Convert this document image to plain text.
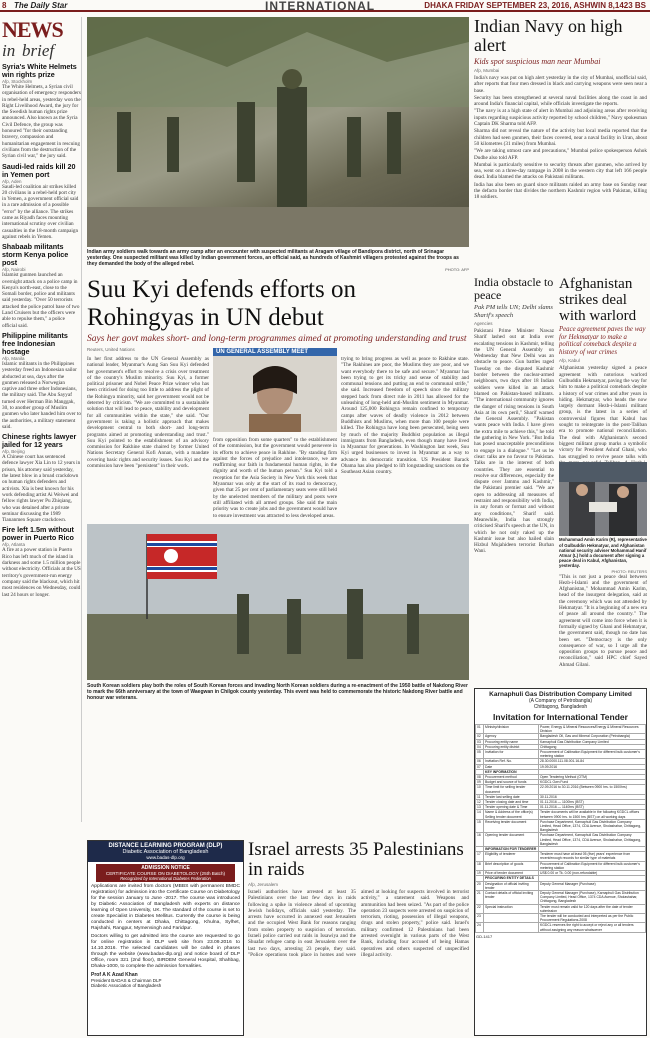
8 The Daily Star	INTERNATIONAL	DHAKA FRIDAY SEPTEMBER 23, 2016, ASHWIN 8,1423 BS
NEWS
in brief
Syria's White Helmets win rights prize
Afp, Stockholm
The White Helmets, a Syrian civil organisation of emergency responders in rebel-held areas, yesterday won the Right Livelihood Award, the jury for the Swedish human rights prize announced. Also known as the Syria Civil Defence, the group was honoured "for their outstanding bravery, compassion and humanitarian engagement in rescuing civilians from the destruction of the Syrian civil war," the jury said.
Saudi-led raids kill 20 in Yemen port
Afp, Aden
Saudi-led coalition air strikes killed 20 civilians in a rebel-held port city in Yemen, a government official said in a rare admission of a possible "error" by the alliance. The strikes came as Riyadh faces mounting international scrutiny over civilian casualties in the 18-month campaign against rebels in Yemen.
Shabaab militants storm Kenya police post
Afp, Nairobi
Islamist gunmen launched an overnight attack on a police camp in Kenya's north-east, close to the Somali border, police and militants said yesterday. "Over 50 terrorists attacked the police patrol base of two Land Cruisers but the officers were able to repulse them," a police official said.
Philippine militants free Indonesian hostage
Afp, Manila
Islamic militants in the Philippines yesterday freed an Indonesian sailor abducted at sea, days after the gunmen released a Norwegian captive and three other Indonesians, the military said. The Abu Sayyaf turned over Herman Bin Manggak, 30, to another group of Muslim gunmen who later handed him over to the authorities, a military statement said.
Chinese rights lawyer jailed for 12 years
Afp, Beijing
A Chinese court has sentenced defence lawyer Xia Lin to 12 years in prison, his attorney said yesterday, the latest blow in a broad crackdown on human rights defenders and activists. Xia is best known for his work defending artist Ai Weiwei and fellow rights lawyer Pu Zhiqiang, who was detained after a private seminar discussing the 1989 Tiananmen Square crackdown.
Fire left 1.5m without power in Puerto Rico
Afp, Atlanta
A fire at a power station in Puerto Rico has left much of the island in darkness and some 1.5 million people without electricity. Officials at the US territory's government-run energy company said the blackout, which hit most residences on Wednesday, could last 24 hours or longer.
Indian army soldiers walk towards an army camp after an encounter with suspected militants at Aragam village of Bandipora district, north of Srinagar yesterday. One suspected militant was killed by Indian government forces, an official said, as hundreds of Kashmiri villagers protested against the troops as they demanded the body of the alleged rebel.
PHOTO: AFP
Indian Navy on high alert
Kids spot suspicious man near Mumbai
Afp, Mumbai

India's navy was put on high alert yesterday in the city of Mumbai, unofficial said, after reports that four men dressed in black and carrying weapons were seen near a base.

Security has been strengthened at several naval facilities along the coast in and around India's financial capital, while officials investigate the reports.

"The navy is at a high state of alert in Mumbai and adjoining areas after receiving inputs regarding suspicious activity reported by school children," Navy spokesman Captain DK Sharma told AFP.

Sharma did not reveal the nature of the activity but local media reported that the children had seen gunmen, their faces covered, near a naval facility in Uran, about 50 kilometres (31 miles) from Mumbai.

"We are taking utmost care and precautions," Mumbai police spokesperson Ashok Dudhe also told AFP.

Mumbai is particularly sensitive to security threats after gunmen, who arrived by sea, went on a three-day rampage in 2008 in the western city that left 166 people dead. India blamed the attacks on Pakistani militants.

India has also been on guard since militants raided an army base on Sunday near the defacto border that divides the northern Kashmir region with Pakistan, killing 18 soldiers.

Suu Kyi defends efforts on Rohingyas in UN debut
Says her govt makes short- and long-term programmes aimed at promoting understanding and trust
Reuters, United Nations
In her first address to the UN General Assembly as national leader, Myanmar's Aung San Suu Kyi defended her government's effort to resolve a crisis over treatment of the country's Muslim minority. Suu Kyi, a former political prisoner and Nobel Peace Prize winner who has been criticised for doing too little to address the plight of the Rohingya minority, said her government would not be deterred by criticism. "We are committed to a sustainable solution that will lead to peace, stability and development for all communities within the state," she said. "Our government is taking a holistic approach that makes development central to both short- and long-term programs aimed at promoting understanding and trust." Suu Kyi pointed to the establishment of an advisory commission for Rakhine state chaired by former United Nations Secretary General Kofi Annan, with a mandate covering basic rights and security issues. Suu Kyi and the commission have been "persistent" in their work.
UN GENERAL ASSEMBLY MEET
from opposition from some quarters" to the establishment of the commission, but the government would persevere in its efforts to achieve peace in Rakhine. "By standing firm against the forces of prejudice and intolerance, we are reaffirming our faith in fundamental human rights, in the dignity and worth of the human person." Suu Kyi told a reception for the Asia Society in New York this week that Myanmar was only at the start of its road to democracy, given that 25 per cent of parliamentary seats were still held by the unelected members of the military and posts were still affiliated with all armed groups. She said the main priority was to create jobs and the government would have to ensure investment was attracted to less developed areas.
trying to bring progress as well as peace to Rakhine state. "The Rakhines are poor, the Muslims they are poor, and we want everybody there to be safe and secure." Myanmar has been trying to get its tricky and sense of stability and communal tensions and putting an end to communal strife," she said. Increased freedom of speech since the military stepped back from direct rule in 2011 has allowed for the unleashing of long-held anti-Muslim sentiment in Myanmar. Around 125,000 Rohingya remain confined to temporary camps after waves of deadly violence in 2012 between Buddhists and Muslims, when more than 100 people were killed. The Rohingya have long been persecuted, being seen by much of the majority Buddhist population as illegal immigrants from Bangladesh, even though many have lived in Myanmar for generations. In Washington last week, Suu Kyi urged businesses to invest in Myanmar as a way to advance its democratic transition. US President Barack Obama has also pledged to lift longstanding sanctions on the Southeast Asian country.
South Korean soldiers play both the roles of South Korean forces and invading North Korean soldiers during a re-enactment of the 1950 battle of Nakdong River to mark the 66th anniversary at the town of Waegwan in Chilgok county yesterday. This event was held to commemorate the historic Nakdong River battle and honour war veterans.
India obstacle to peace
Pak PM tells UN; Delhi slams Sharif's speech
Agencies
Pakistani Prime Minister Nawaz Sharif lashed out at India over escalating tensions in Kashmir, telling the UN General Assembly on Wednesday that New Delhi was an obstacle to peace. Gun battles raged Tuesday on the disputed Kashmir border between the nuclear-armed neighbours, two days after 18 Indian soldiers were killed in an attack blamed on Pakistan-based militants. "The international community ignores the danger of rising tensions in South Asia at its own peril," Sharif warned the General Assembly. "Pakistan wants peace with India. I have given the extra mile to achieve this," he told the gathering in New York. "But India has posed unacceptable preconditions to engage in a dialogue." "Let us be clear: talks are no favour to Pakistan. Talks are in the interest of both countries. They are essential to resolve our differences, especially the dispute over Jammu and Kashmir," the Pakistani premier said. "We are open to addressing all measures of restraint and responsibility with India, in any forum or format and without any conditions," Sharif said. Meanwhile, India has strongly criticised Sharif's speech at the UN, in which he not only raked up the Kashmir issue but also hailed slain Hizbul Mujahideen terrorist Burhan Wani.
Afghanistan strikes deal with warlord
Peace agreement paves the way for Hekmatyar to make a political comeback despite a history of war crimes
Afp, Kabul
Afghanistan yesterday signed a peace agreement with notorious warlord Gulbuddin Hekmatyar, paving the way for him to make a political comeback despite a history of war crimes and after years in hiding. Hekmatyar, who heads the now largely dormant Hezb-i-Islami militant group, is the latest in a series of controversial figures that Kabul has sought to reintegrate in the post-Taliban era to promote national reconciliation. The deal with Afghanistan's second biggest militant group marks a symbolic victory for President Ashraf Ghani, who has struggled to revive peace talks with
Mohammad Amin Karim (R), representative of Gulbuddin Hekmatyar, and Afghanistan national security adviser Mohammad Hanif Atmar (L) hold a document after signing a peace deal in Kabul, Afghanistan, yesterday.
PHOTO: REUTERS
"This is not just a peace deal between Hezb-i-Islami and the government of Afghanistan," Mohammad Amin Karim, head of the insurgent delegation, said at the ceremony which was not attended by Hekmatyar. "It is a beginning of a new era of peace all around the country." The agreement will come into force when it is formally signed by Ghani and Hekmatyar, the government said, though no date has been set. "Democracy is the only consequence of war, so I urge all the opposition groups to pursue peace and reconciliation," said HPC chief Sayed Ahmad Gilani.
Israel arrests 35 Palestinians in raids
Afp, Jerusalem
Israeli authorities have arrested at least 35 Palestinians over the last few days in raids following a spike in violence ahead of upcoming Jewish holidays, officials said yesterday. The arrests have occurred in annexed east Jerusalem and the occupied West Bank for reasons ranging from stolen property to suspicion of terrorism. Israeli police carried out raids in Issawiya and the Shuafat refugee camp in east Jerusalem over the last two days, arresting 23 people, they said. "Police operations took place in homes and were aimed at looking for suspects involved in terrorist activity," a statement said. Weapons and ammunition had been seized. "As part of the police operation 23 suspects were arrested on suspicion of terrorism, rioting, possession of illegal weapons, drugs and stolen property," police said. Israel's military confirmed 12 Palestinians had been arrested overnight in various parts of the West Bank, including four accused of being Hamas operatives and others suspected of unspecified illegal activity.
DISTANCE LEARNING PROGRAM (DLP)
Diabetic Association of Bangladesh
www.badas-dlp.org
ADMISSION NOTICE
CERTIFICATE COURSE ON DIABETOLOGY (25th Batch)
Recognized by International Diabetes Federation
Applications are invited from doctors (MBBS with permanent BMDC registration) for admission into the Certificate Course on Diabetology for the session January to June -2017. The course was introduced by Diabetic Association of Bangladesh with experts on distance learning of Open University, UK. The standard of the course is set to create Specialist in Diabetes Mellitus. Currently the course is being conducted in centers at Dhaka, Chittagong, Khulna, Sylhet, Rajshahi, Rangpur, Mymensingh and Faridpur.
Doctors willing to get admitted into the course are requested to go for online registration in DLP web site from 23.09.2016 to 14.10.2016. The selected candidates will be called in phases through the website (www.badas-dlp.org) and notice board of DLP Office, room 321 (2nd floor), BIRDEM General Hospital, Shahbag, Dhaka-1000, to complete the admission formalities.
Prof A K Azad Khan
President BADAS & Chairman DLP
Diabetic Association of Bangladesh
Karnaphuli Gas Distribution Company Limited
(A Company of Petrobangla)
Chittagong, Bangladesh
Invitation for International Tender
01	Ministry/division	Power, Energy & Mineral Resources/Energy & Mineral Resources Division
02	Agency	Bangladesh Oil, Gas and Mineral Corporation (Petrobangla)
03	Procuring entity name	Karnaphuli Gas Distribution Company Limited
04	Procuring entity district	Chittagong
05	Invitation for	Procurement of Calibration Equipment for different bulk customer's metering station
06	Invitation Ref. No.	28.30.0000.111.08.001.16-84
07	Date	19.09.2016
	KEY INFORMATION	
08	Procurement method	Open Tendering Method (OTM)
09	Budget and source of funds	KGDCL Own Fund
10	Time limit for selling tender document	22.09.2016 to 30.11.2016 (Between 0900 hrs. to 1500hrs)
11	Tender last selling date	30.11.2016
12	Tender closing date and time	01.11.2016 — 1100hrs (BST)
13	Tender opening date & Time	01.11.2016 — 1140hrs (BST)
14	Name & Address of the office(s) Selling tender document	Tender documents will be available in the following KGDCL offices between 0900 hrs. to 1500 hrs (BST) on all working days
15	Receiving tender document	Purchase Department, Karnaphuli Gas Distribution Company Limited, Head Office, 1374, CDA Avenue, Sholashahar, Chittagong, Bangladesh
16	Opening tender document	Purchase Department, Karnaphuli Gas Distribution Company Limited, Head Office, 1374, CDA Avenue, Sholashahar, Chittagong, Bangladesh
	INFORMATION FOR TENDERER	
17	Eligibility of tenderer	Tenderer must have at least 05 (five) years' experience from recent/enough records for similar type of materials
18	Brief description of goods	Procurement of Calibration Equipment for different bulk customer's metering station
19	Price of tender document	US$ 0.00 or Tk. 0.00 (non-refundable)
	PROCURING ENTITY DETAILS	
20	Designation of official inviting tender	Deputy General Manager (Purchase)
21	Contact details of official inviting tender	Deputy General Manager (Purchase), Karnaphuli Gas Distribution Company Limited, Head Office, 1374 CDA Avenue, Sholashahar, Chittagong, Bangladesh
22	Special instruction	Tender must remain valid for 120 days after the date of tender submission
23		The tender will be conducted and interpreted as per the Public Procurement Regulations-2008
24		KGDCL reserves the right to accept or reject any or all tenders without assigning any reason whatsoever
GD-1417
